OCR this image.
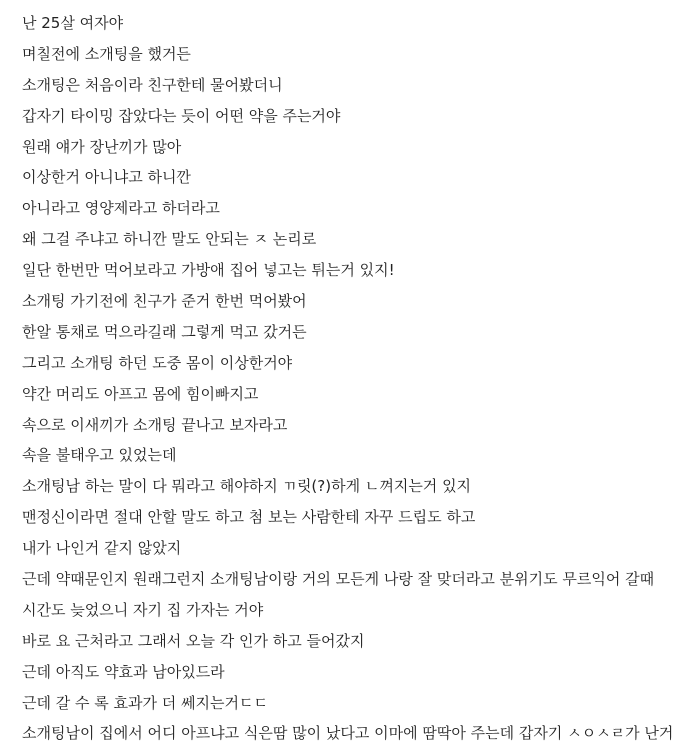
난 25살 여자야
며칠전에 소개팅을 했거든
소개팅은 처음이라 친구한테 물어봤더니
갑자기 타이밍 잡았다는 듯이 어떤 약을 주는거야
원래 얘가 장난끼가 많아
이상한거 아니냐고 하니깐
아니라고 영양제라고 하더라고
왜 그걸 주냐고 하니깐 말도 안되는 ㅈ 논리로
일단 한번만 먹어보라고 가방애 집어 넣고는 튀는거 있지!
소개팅 가기전에 친구가 준거 한번 먹어봤어
한알 통채로 먹으라길래 그렇게 먹고 갔거든
그리고 소개팅 하던 도중 몸이 이상한거야
약간 머리도 아프고 몸에 힘이빠지고
속으로 이새끼가 소개팅 끝나고 보자라고
속을 불태우고 있었는데
소개팅남 하는 말이 다 뭐라고 해야하지 ㄲ릿(?)하게 ㄴ껴지는거 있지
맨정신이라면 절대 안할 말도 하고 첨 보는 사람한테 자꾸 드립도 하고
내가 나인거 같지 않았지
근데 약때문인지 원래그런지 소개팅남이랑 거의 모든게 나랑 잘 맞더라고 분위기도 무르익어 갈때
시간도 늦었으니 자기 집 가자는 거야
바로 요 근처라고 그래서 오늘 각 인가 하고 들어갔지
근데 아직도 약효과 남아있드라
근데 갈 수 록 효과가 더 쎄지는거ㄷㄷ
소개팅남이 집에서 어디 아프냐고 식은땀 많이 났다고 이마에 땀딱아 주는데 갑자기 ㅅㅇㅅㄹ가 난거
